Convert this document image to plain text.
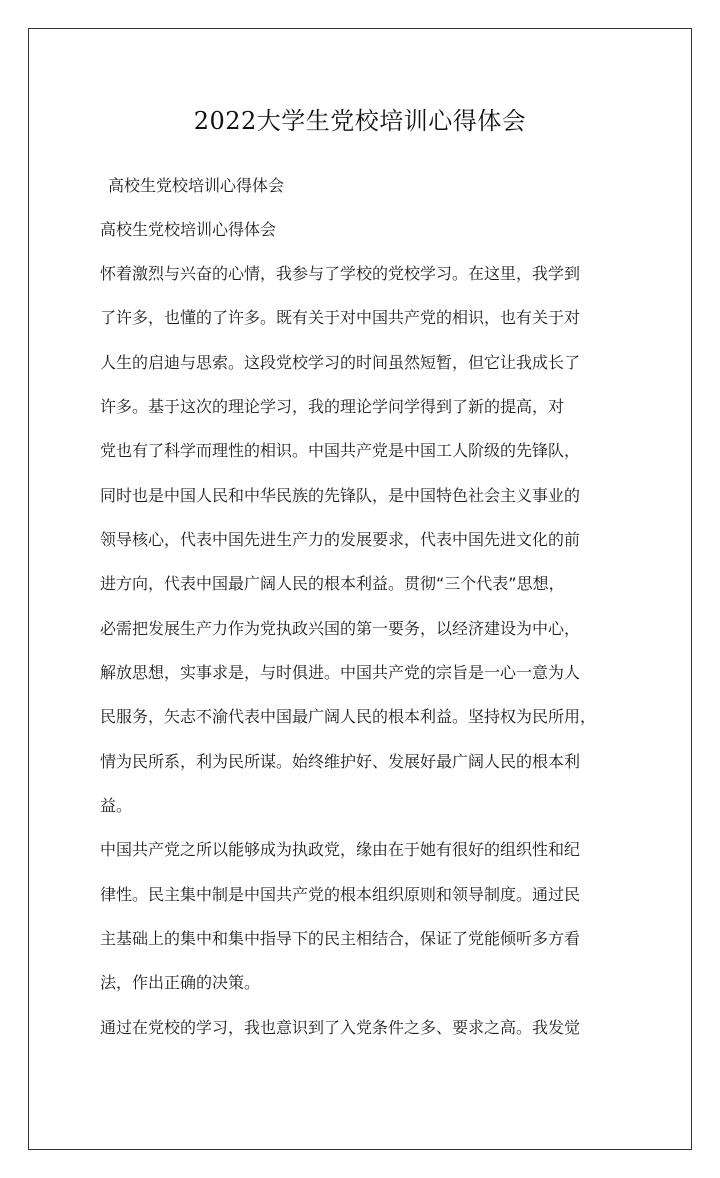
2022大学生党校培训心得体会
高校生党校培训心得体会
高校生党校培训心得体会
怀着激烈与兴奋的心情，我参与了学校的党校学习。在这里，我学到
了许多，也懂的了许多。既有关于对中国共产党的相识，也有关于对
人生的启迪与思索。这段党校学习的时间虽然短暂，但它让我成长了
许多。基于这次的理论学习，我的理论学问学得到了新的提高，对
党也有了科学而理性的相识。中国共产党是中国工人阶级的先锋队，
同时也是中国人民和中华民族的先锋队，是中国特色社会主义事业的
领导核心，代表中国先进生产力的发展要求，代表中国先进文化的前
进方向，代表中国最广阔人民的根本利益。贯彻“三个代表”思想，
必需把发展生产力作为党执政兴国的第一要务，以经济建设为中心，
解放思想，实事求是，与时俱进。中国共产党的宗旨是一心一意为人
民服务，矢志不渝代表中国最广阔人民的根本利益。坚持权为民所用，
情为民所系，利为民所谋。始终维护好、发展好最广阔人民的根本利
益。
中国共产党之所以能够成为执政党，缘由在于她有很好的组织性和纪
律性。民主集中制是中国共产党的根本组织原则和领导制度。通过民
主基础上的集中和集中指导下的民主相结合，保证了党能倾听多方看
法，作出正确的决策。
通过在党校的学习，我也意识到了入党条件之多、要求之高。我发觉
